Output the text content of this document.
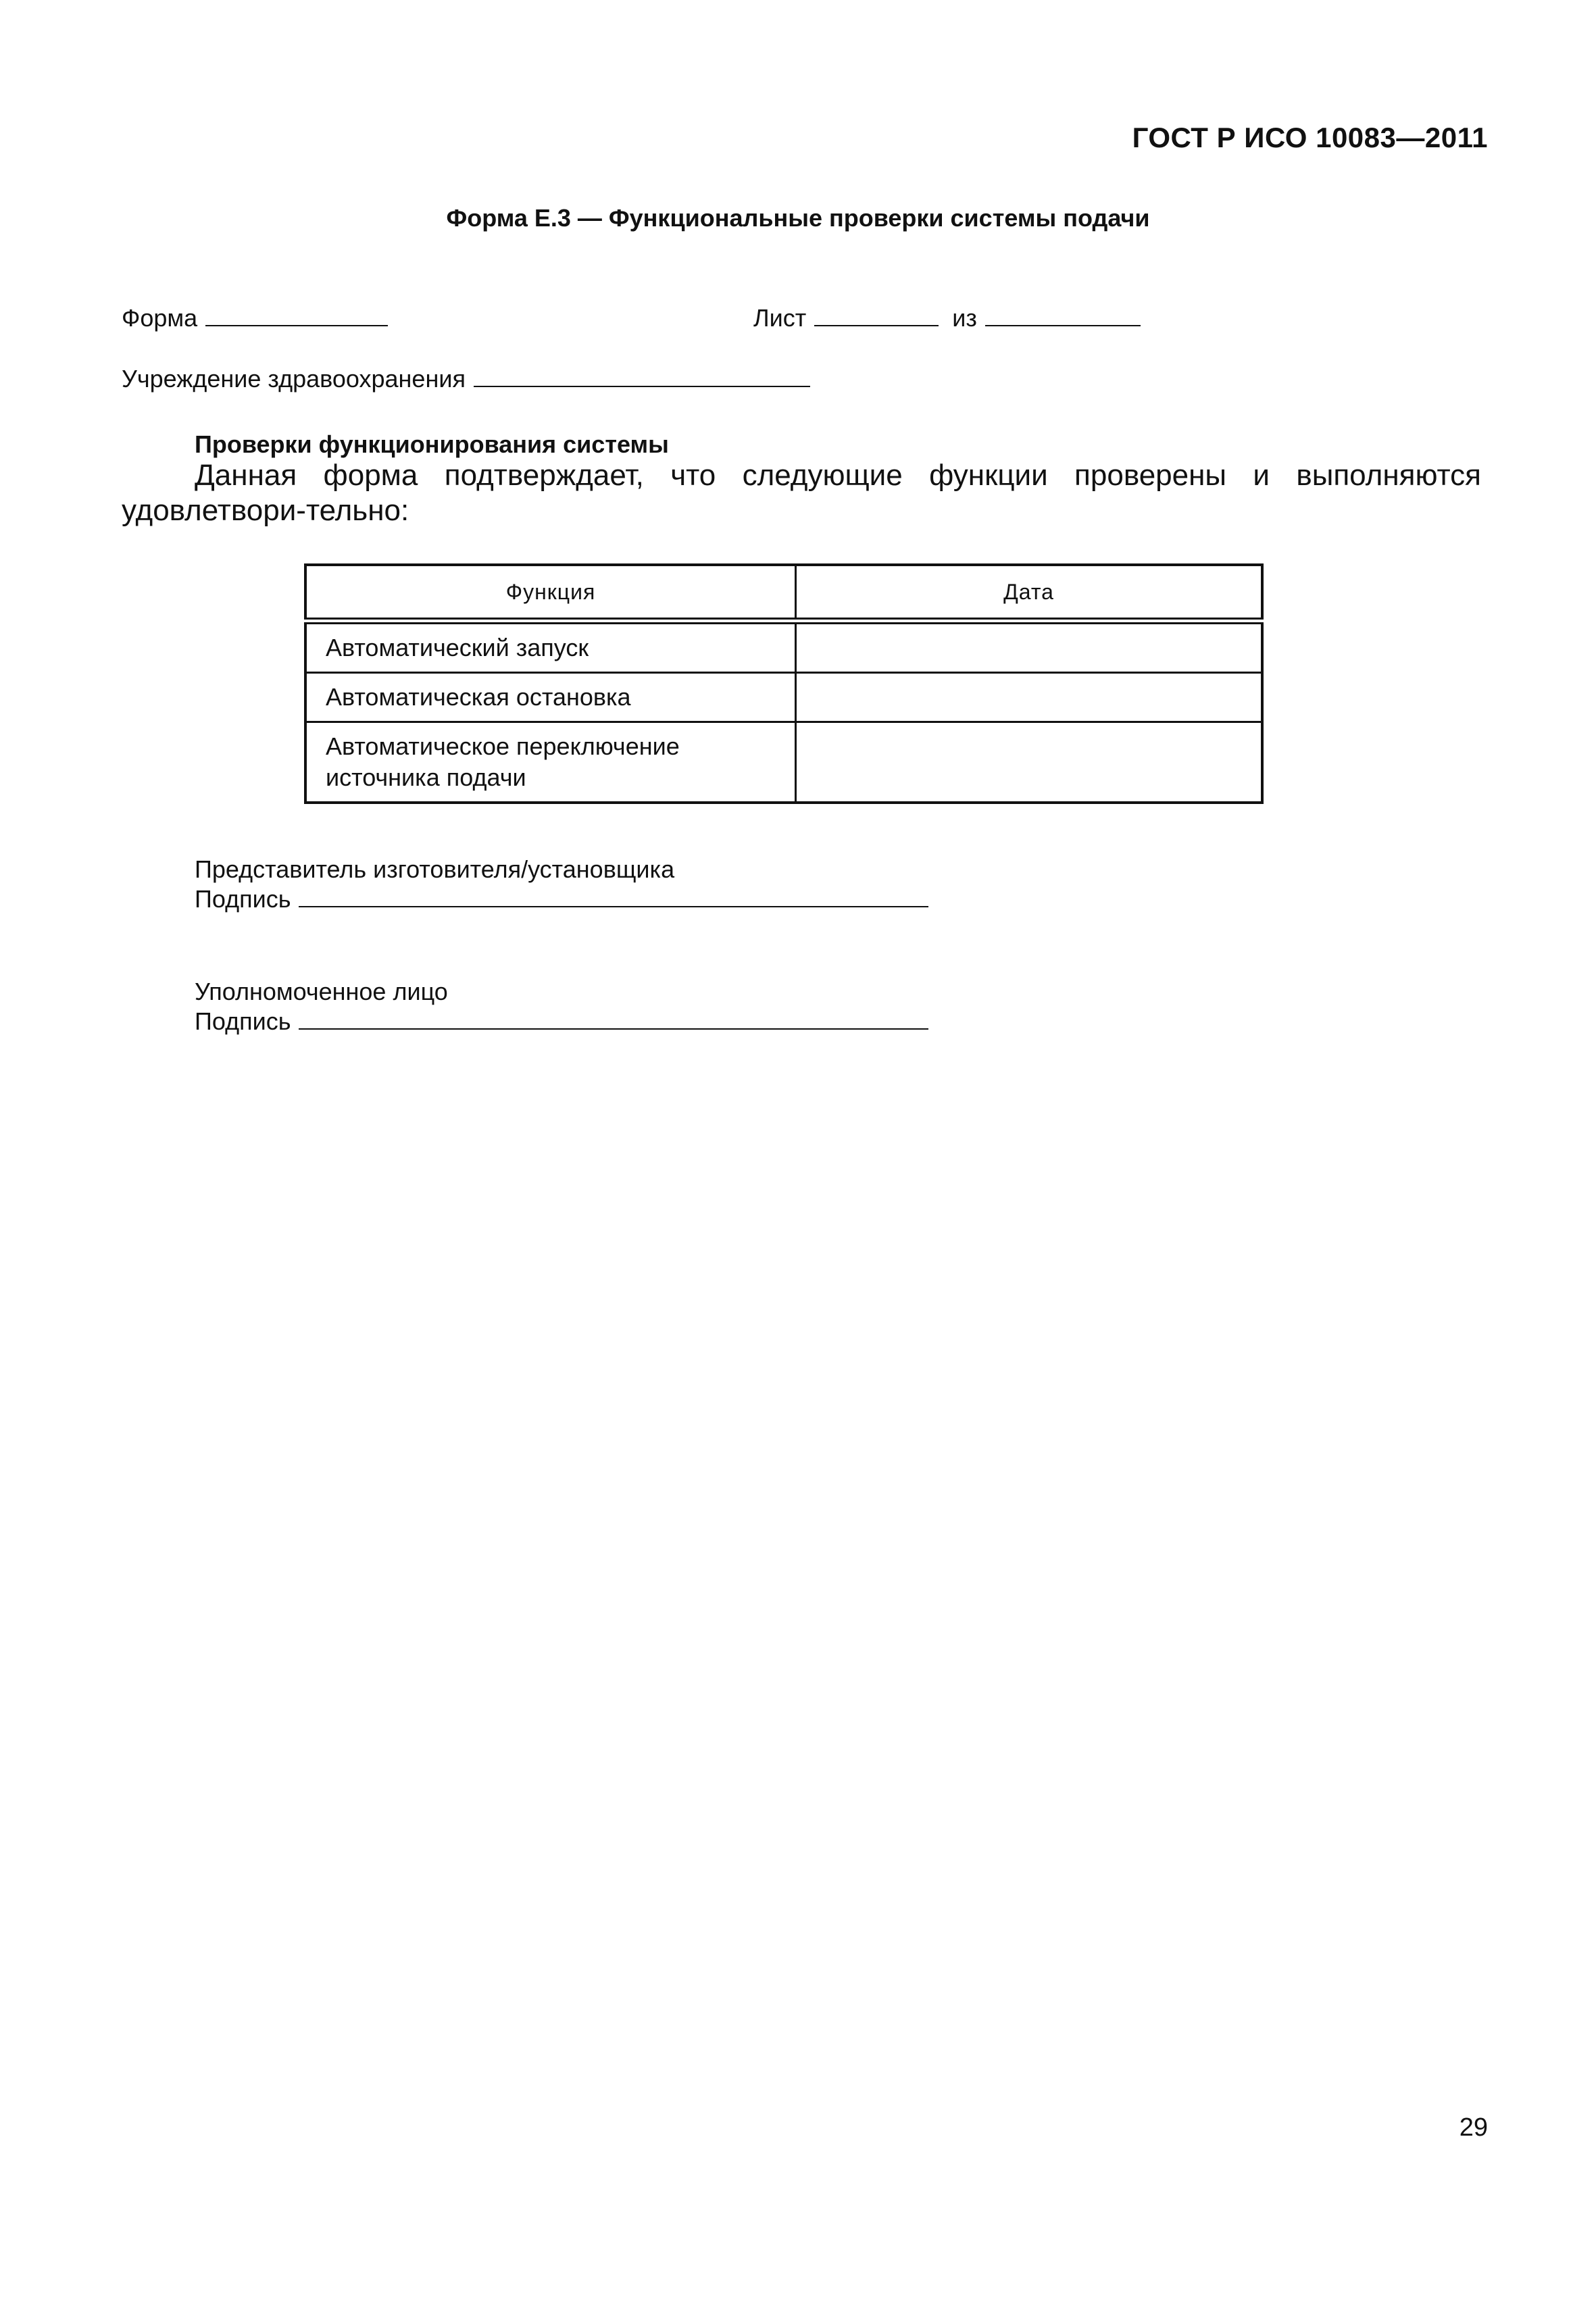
ГОСТ Р ИСО 10083—2011
Форма Е.3 — Функциональные проверки системы подачи
Форма	Лист	из
Учреждение здравоохранения
Проверки функционирования системы
Данная форма подтверждает, что следующие функции проверены и выполняются удовлетвори-тельно:
Функция	Дата
Автоматический запуск	
Автоматическая остановка	
Автоматическое переключение источника подачи	
Представитель изготовителя/установщика
Подпись
Уполномоченное лицо
Подпись
29
